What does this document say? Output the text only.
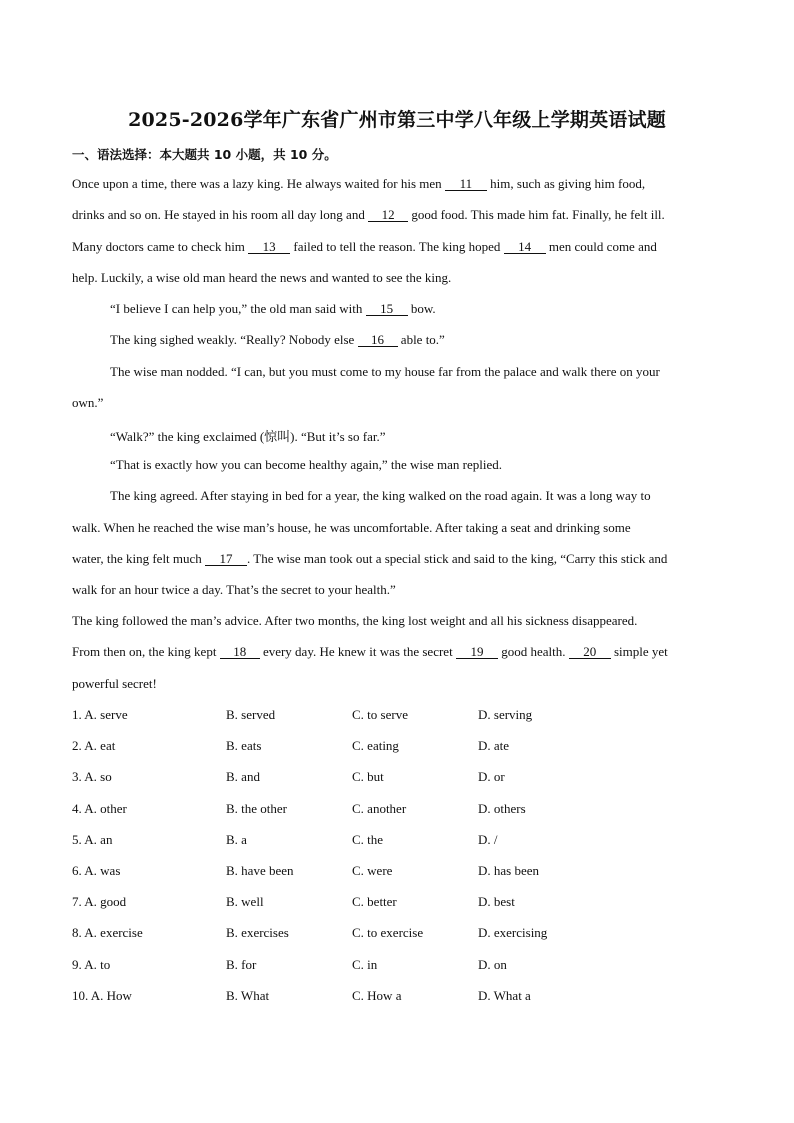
2025-2026学年广东省广州市第三中学八年级上学期英语试题
一、语法选择：本大题共 10 小题，共 10 分。
Once upon a time, there was a lazy king. He always waited for his men 11 him, such as giving him food,
drinks and so on. He stayed in his room all day long and 12 good food. This made him fat. Finally, he felt ill.
Many doctors came to check him 13 failed to tell the reason. The king hoped 14 men could come and
help. Luckily, a wise old man heard the news and wanted to see the king.
“I believe I can help you,” the old man said with 15 bow.
The king sighed weakly. “Really? Nobody else 16 able to.”
The wise man nodded. “I can, but you must come to my house far from the palace and walk there on your
own.”
“Walk?” the king exclaimed (惊叫). “But it’s so far.”
“That is exactly how you can become healthy again,” the wise man replied.
The king agreed. After staying in bed for a year, the king walked on the road again. It was a long way to
walk. When he reached the wise man’s house, he was uncomfortable. After taking a seat and drinking some
water, the king felt much 17 . The wise man took out a special stick and said to the king, “Carry this stick and
walk for an hour twice a day. That’s the secret to your health.”
The king followed the man’s advice. After two months, the king lost weight and all his sickness disappeared.
From then on, the king kept 18 every day. He knew it was the secret 19 good health. 20 simple yet
powerful secret!
1. A. serve	B. served	C. to serve	D. serving
2. A. eat	B. eats	C. eating	D. ate
3. A. so	B. and	C. but	D. or
4. A. other	B. the other	C. another	D. others
5. A. an	B. a	C. the	D. /
6. A. was	B. have been	C. were	D. has been
7. A. good	B. well	C. better	D. best
8. A. exercise	B. exercises	C. to exercise	D. exercising
9. A. to	B. for	C. in	D. on
10. A. How	B. What	C. How a	D. What a
